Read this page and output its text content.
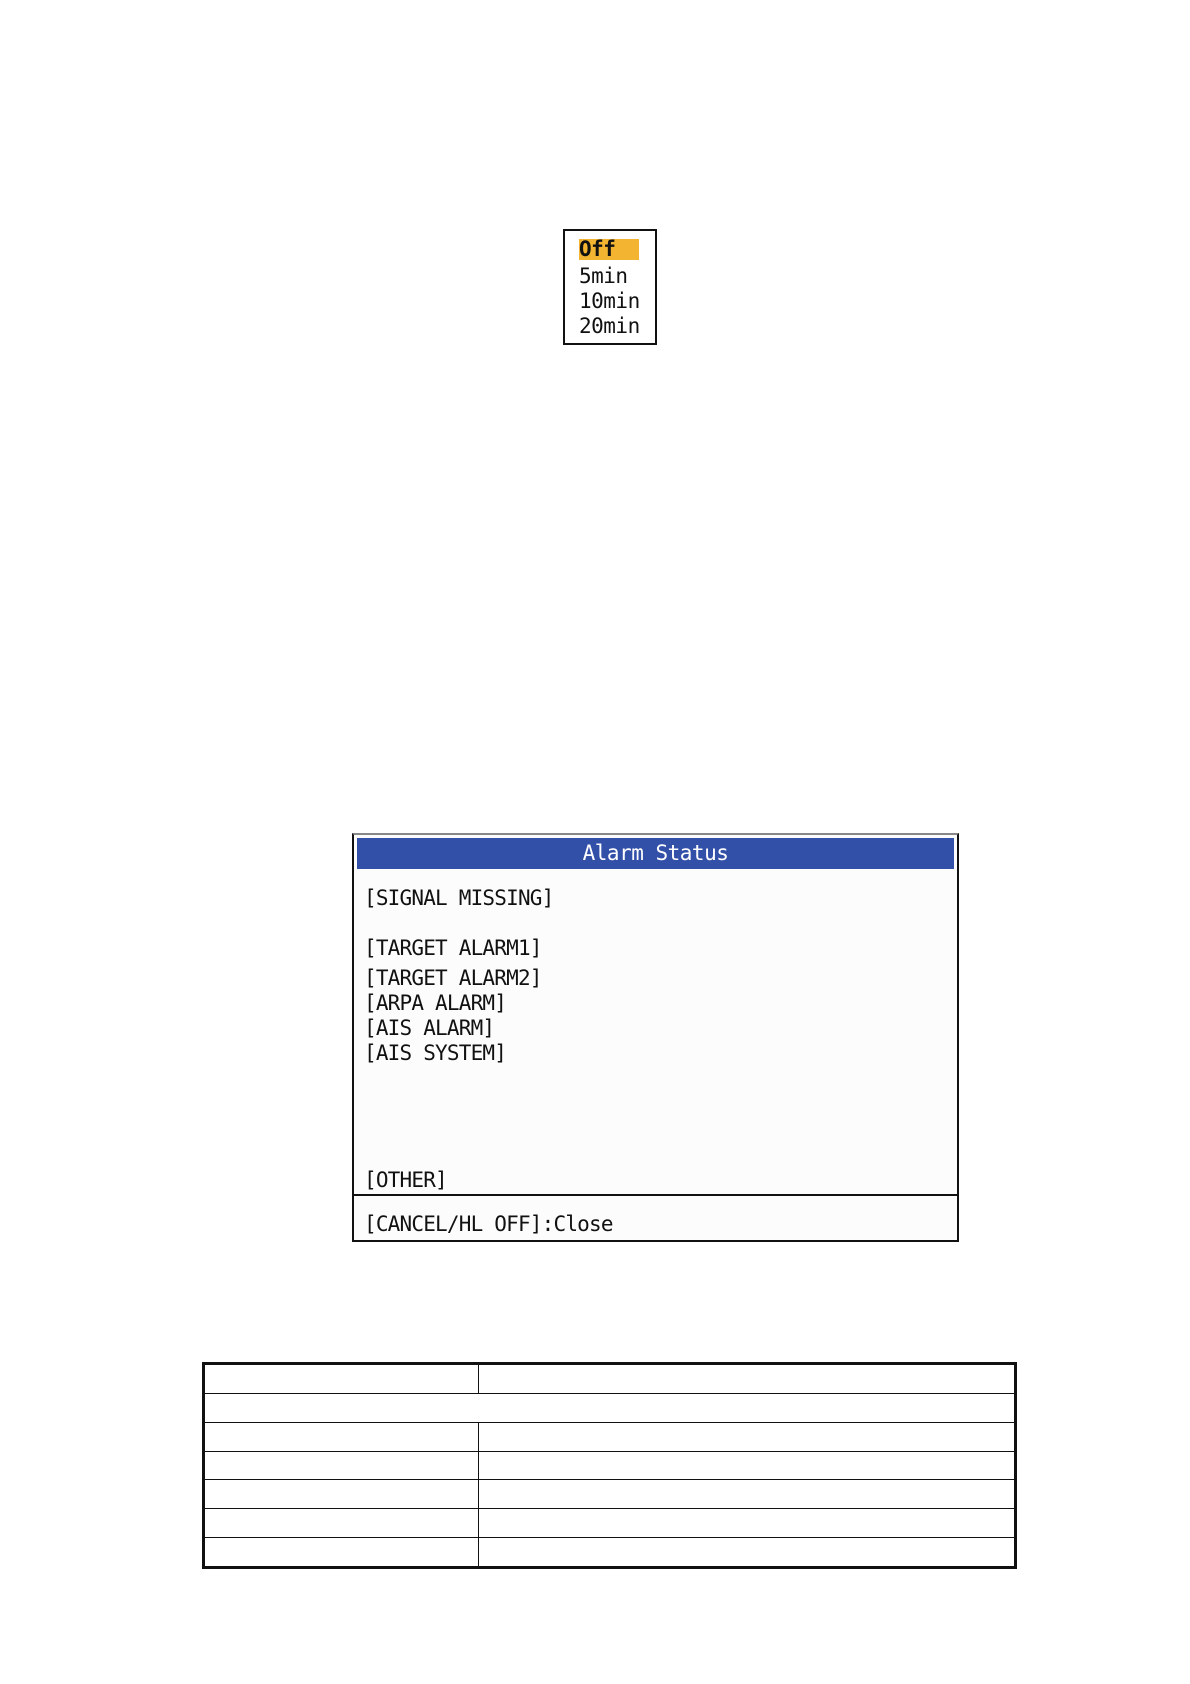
Off
5min
10min
20min
Alarm Status
[SIGNAL MISSING]
[TARGET ALARM1]
[TARGET ALARM2]
[ARPA ALARM]
[AIS ALARM]
[AIS SYSTEM]
[OTHER]
[CANCEL/HL OFF]:Close
